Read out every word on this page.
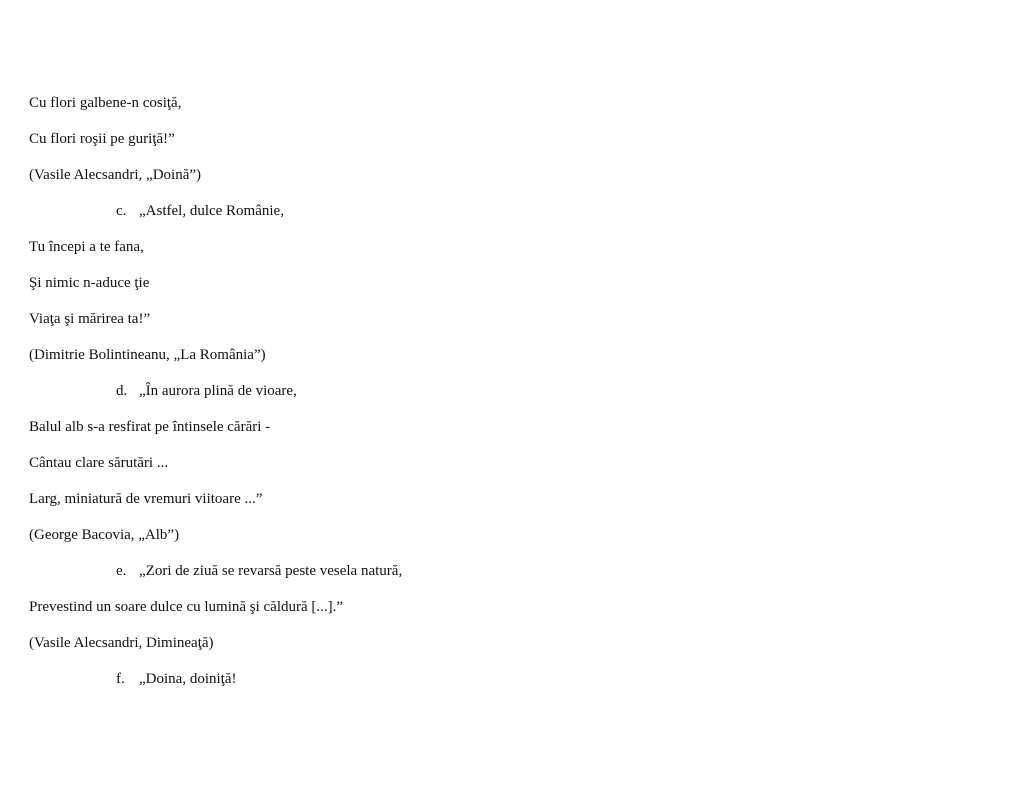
Cu flori galbene-n cosiţă,
Cu flori roşii pe guriţă!”
(Vasile Alecsandri, „Doină”)
c. „Astfel, dulce Românie,
Tu începi a te fana,
Şi nimic n-aduce ţie
Viaţa şi mărirea ta!”
(Dimitrie Bolintineanu, „La România”)
d. „În aurora plină de vioare,
Balul alb s-a resfirat pe întinsele cărări -
Cântau clare sărutări ...
Larg, miniatură de vremuri viitoare ...”
(George Bacovia, „Alb”)
e. „Zori de ziuă se revarsă peste vesela natură,
Prevestind un soare dulce cu lumină şi căldură [...].”
(Vasile Alecsandri, Dimineaţă)
f. „Doina, doiniţă!
